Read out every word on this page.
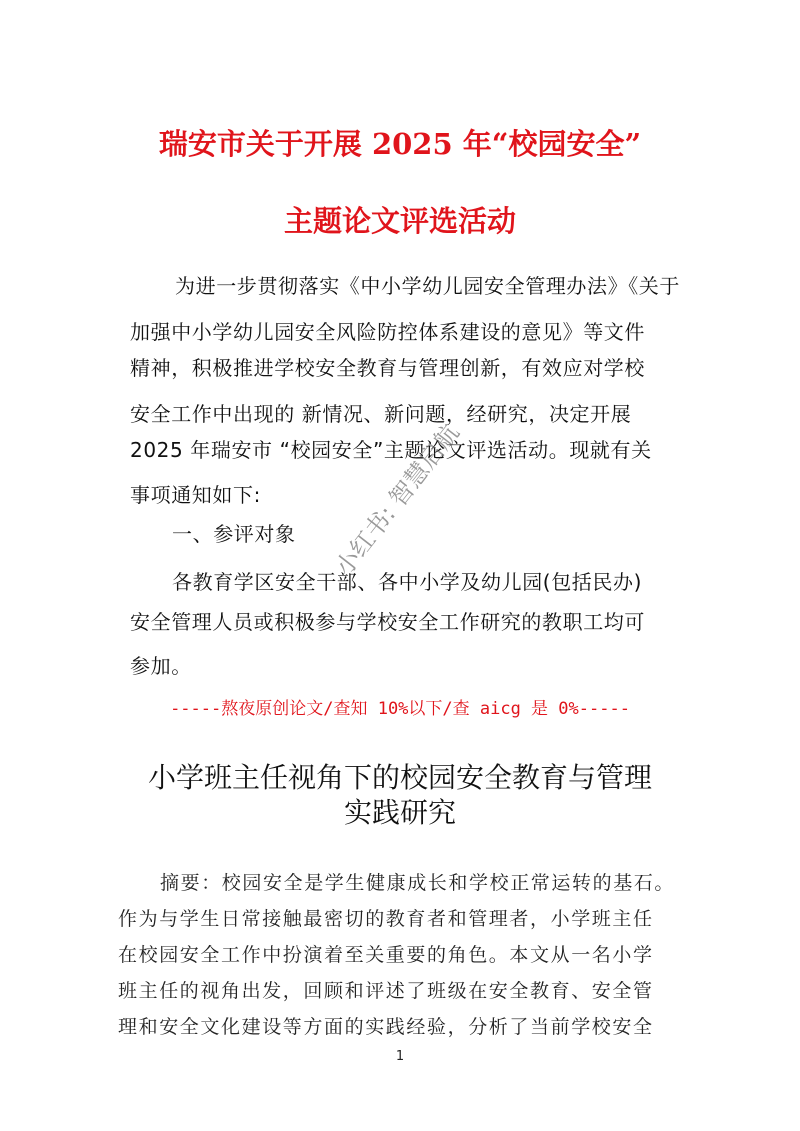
瑞安市关于开展 2025 年“校园安全”
主题论文评选活动
为进一步贯彻落实《中小学幼儿园安全管理办法》《关于
加强中小学幼儿园安全风险防控体系建设的意见》等文件
精神，积极推进学校安全教育与管理创新，有效应对学校
安全工作中出现的 新情况、新问题，经研究，决定开展
2025 年瑞安市 “校园安全”主题论文评选活动。现就有关
事项通知如下:
一、参评对象
各教育学区安全干部、各中小学及幼儿园(包括民办)
安全管理人员或积极参与学校安全工作研究的教职工均可
参加。
-----熬夜原创论文/查知 10%以下/查 aicg 是 0%-----
小学班主任视角下的校园安全教育与管理
实践研究
摘要：校园安全是学生健康成长和学校正常运转的基石。
作为与学生日常接触最密切的教育者和管理者，小学班主任
在校园安全工作中扮演着至关重要的角色。本文从一名小学
班主任的视角出发，回顾和评述了班级在安全教育、安全管
理和安全文化建设等方面的实践经验，分析了当前学校安全
小红书: 智慧启航
1
